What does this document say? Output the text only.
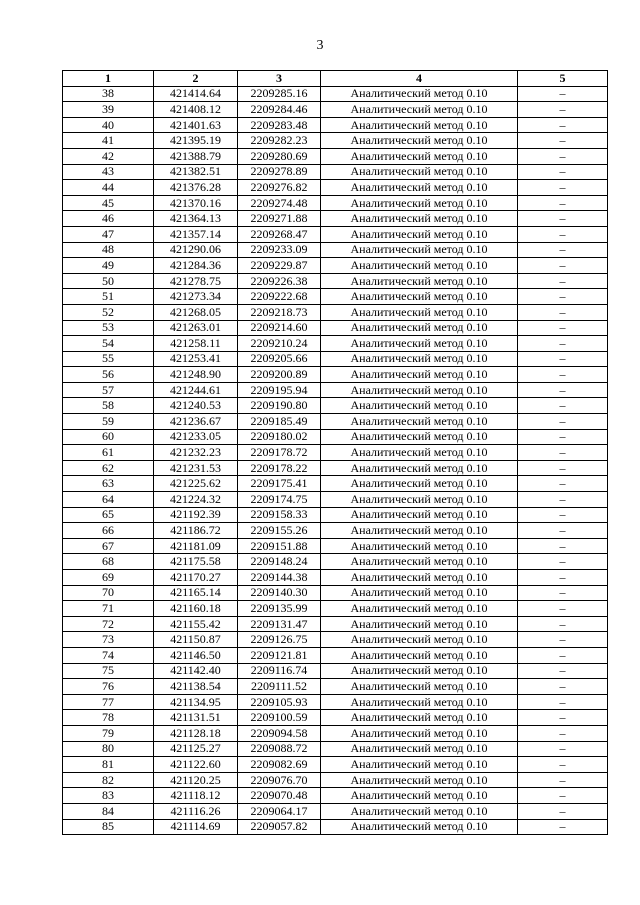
3
1	2	3	4	5
38	421414.64	2209285.16	Аналитический метод 0.10	–
39	421408.12	2209284.46	Аналитический метод 0.10	–
40	421401.63	2209283.48	Аналитический метод 0.10	–
41	421395.19	2209282.23	Аналитический метод 0.10	–
42	421388.79	2209280.69	Аналитический метод 0.10	–
43	421382.51	2209278.89	Аналитический метод 0.10	–
44	421376.28	2209276.82	Аналитический метод 0.10	–
45	421370.16	2209274.48	Аналитический метод 0.10	–
46	421364.13	2209271.88	Аналитический метод 0.10	–
47	421357.14	2209268.47	Аналитический метод 0.10	–
48	421290.06	2209233.09	Аналитический метод 0.10	–
49	421284.36	2209229.87	Аналитический метод 0.10	–
50	421278.75	2209226.38	Аналитический метод 0.10	–
51	421273.34	2209222.68	Аналитический метод 0.10	–
52	421268.05	2209218.73	Аналитический метод 0.10	–
53	421263.01	2209214.60	Аналитический метод 0.10	–
54	421258.11	2209210.24	Аналитический метод 0.10	–
55	421253.41	2209205.66	Аналитический метод 0.10	–
56	421248.90	2209200.89	Аналитический метод 0.10	–
57	421244.61	2209195.94	Аналитический метод 0.10	–
58	421240.53	2209190.80	Аналитический метод 0.10	–
59	421236.67	2209185.49	Аналитический метод 0.10	–
60	421233.05	2209180.02	Аналитический метод 0.10	–
61	421232.23	2209178.72	Аналитический метод 0.10	–
62	421231.53	2209178.22	Аналитический метод 0.10	–
63	421225.62	2209175.41	Аналитический метод 0.10	–
64	421224.32	2209174.75	Аналитический метод 0.10	–
65	421192.39	2209158.33	Аналитический метод 0.10	–
66	421186.72	2209155.26	Аналитический метод 0.10	–
67	421181.09	2209151.88	Аналитический метод 0.10	–
68	421175.58	2209148.24	Аналитический метод 0.10	–
69	421170.27	2209144.38	Аналитический метод 0.10	–
70	421165.14	2209140.30	Аналитический метод 0.10	–
71	421160.18	2209135.99	Аналитический метод 0.10	–
72	421155.42	2209131.47	Аналитический метод 0.10	–
73	421150.87	2209126.75	Аналитический метод 0.10	–
74	421146.50	2209121.81	Аналитический метод 0.10	–
75	421142.40	2209116.74	Аналитический метод 0.10	–
76	421138.54	2209111.52	Аналитический метод 0.10	–
77	421134.95	2209105.93	Аналитический метод 0.10	–
78	421131.51	2209100.59	Аналитический метод 0.10	–
79	421128.18	2209094.58	Аналитический метод 0.10	–
80	421125.27	2209088.72	Аналитический метод 0.10	–
81	421122.60	2209082.69	Аналитический метод 0.10	–
82	421120.25	2209076.70	Аналитический метод 0.10	–
83	421118.12	2209070.48	Аналитический метод 0.10	–
84	421116.26	2209064.17	Аналитический метод 0.10	–
85	421114.69	2209057.82	Аналитический метод 0.10	–
